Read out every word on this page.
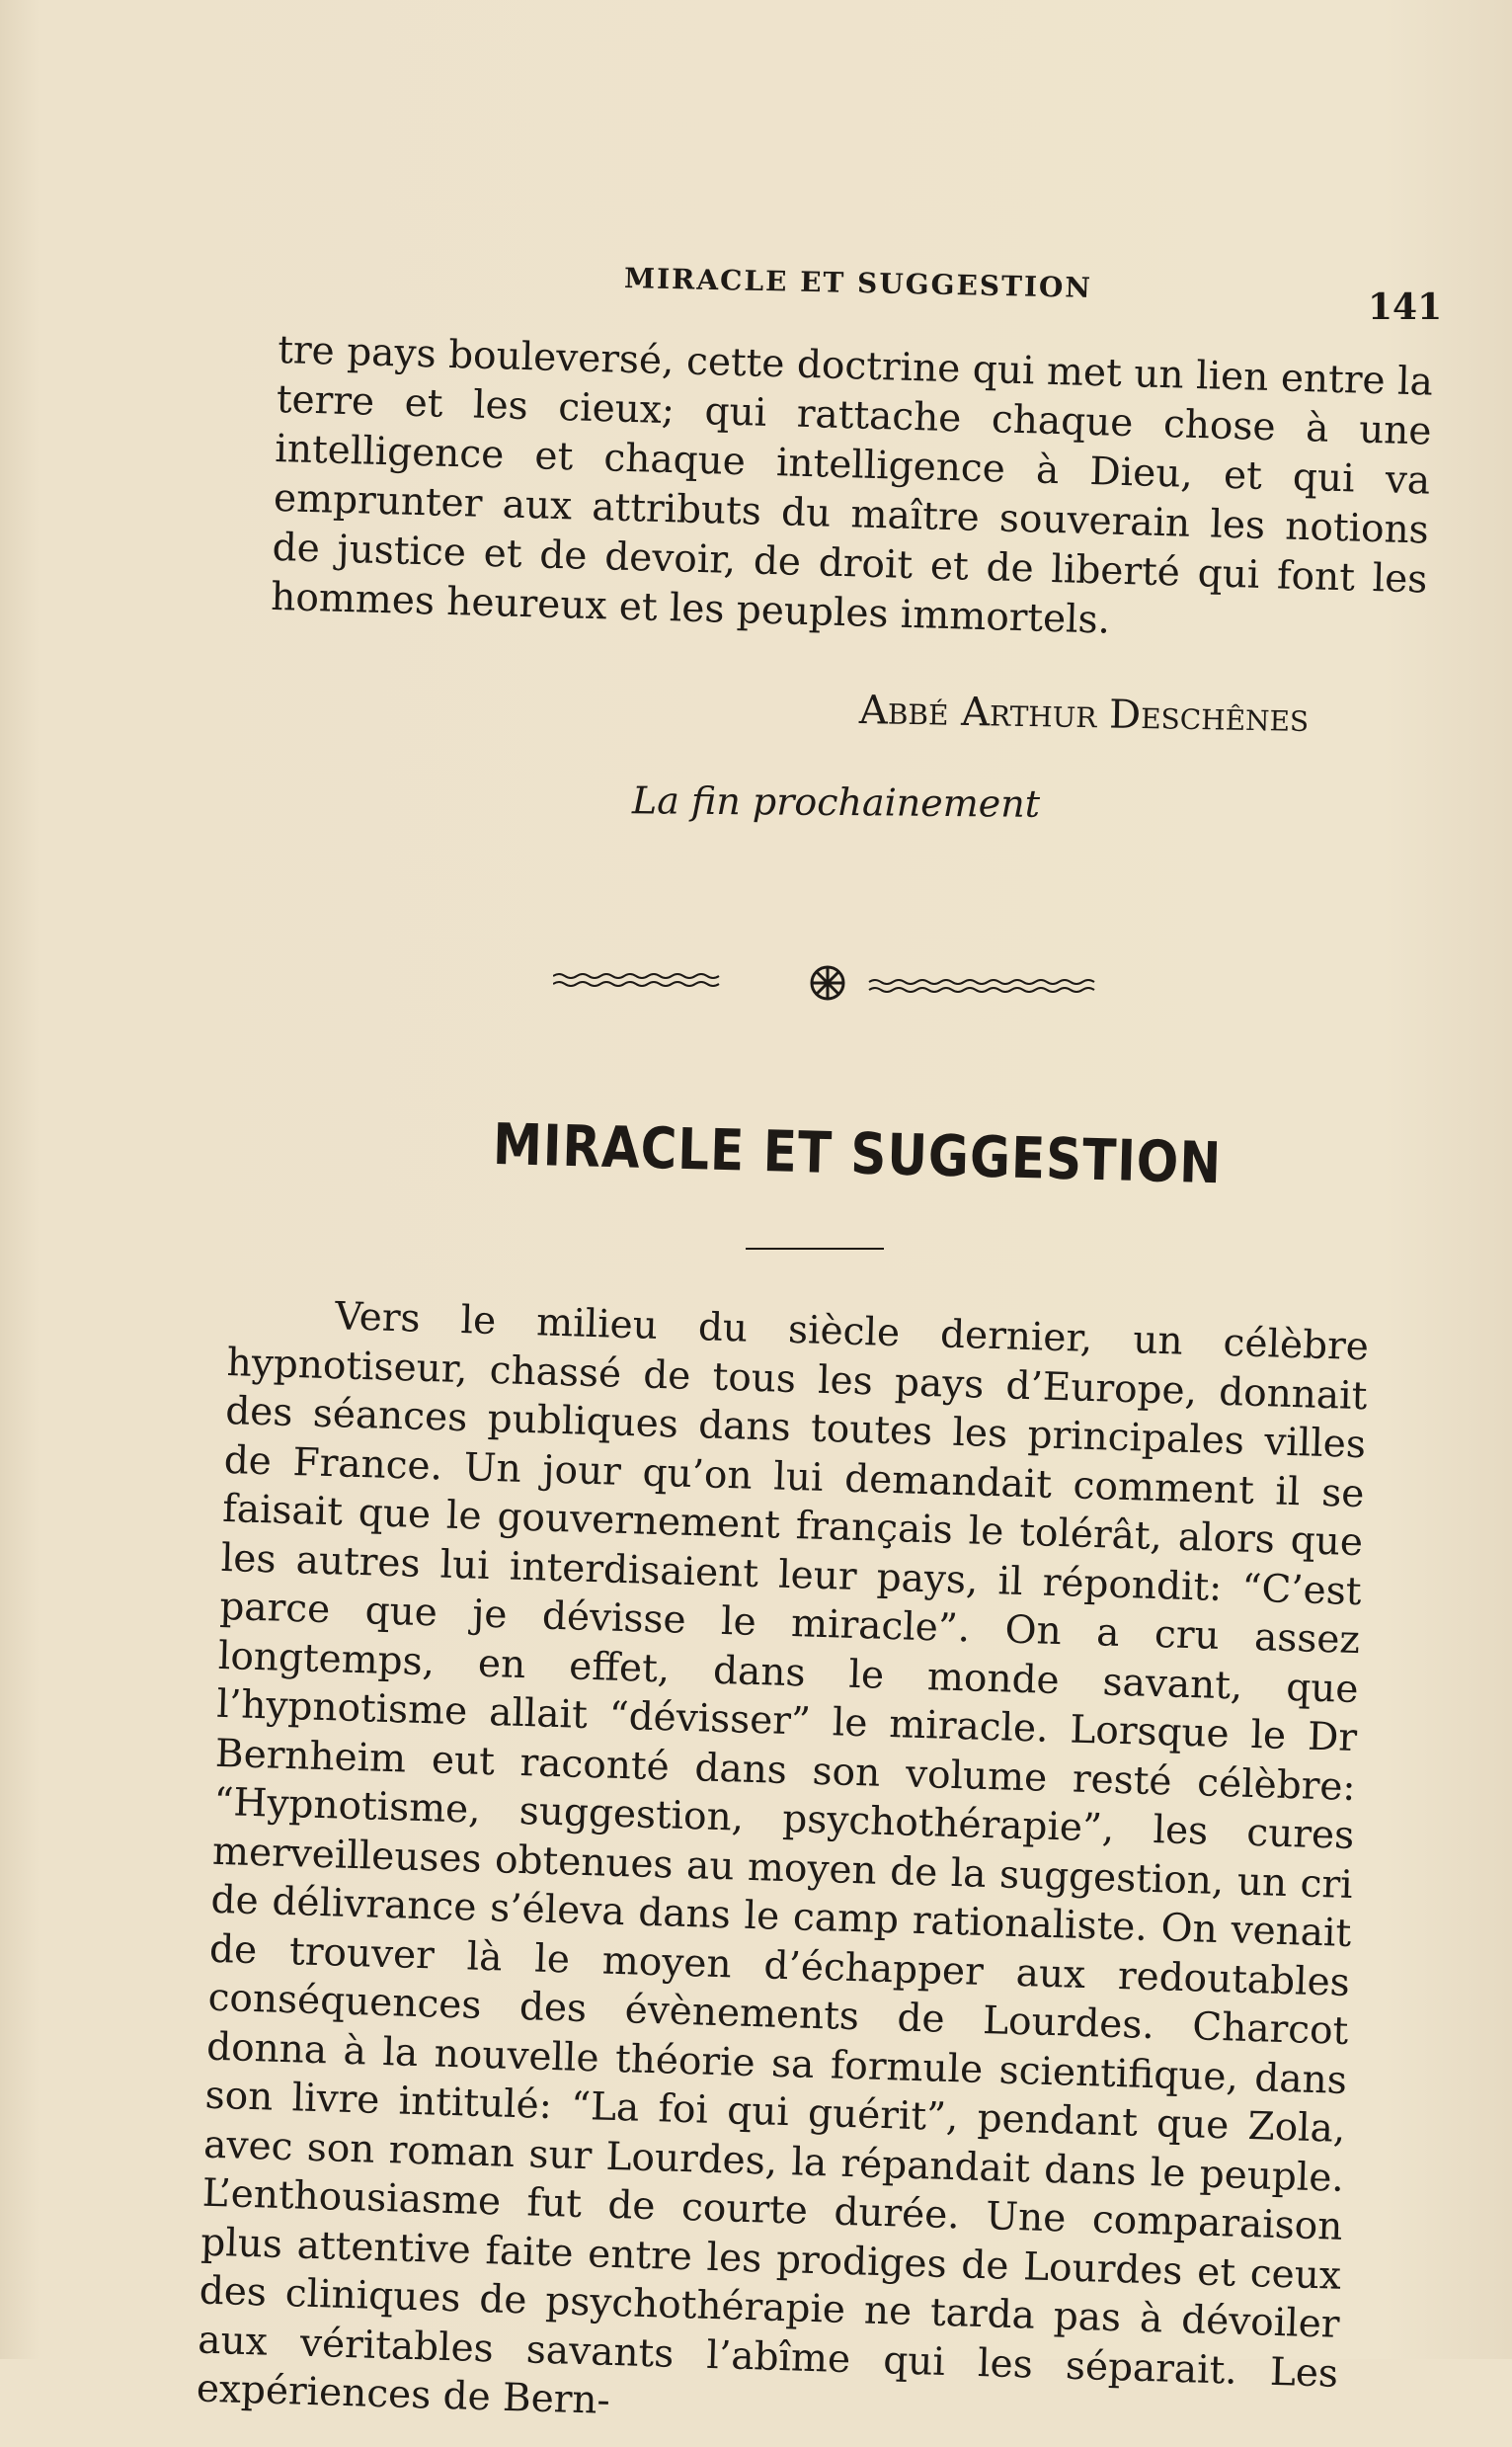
MIRACLE ET SUGGESTION
141

tre pays bouleversé, cette doctrine qui met un lien entre la terre et les cieux; qui rattache chaque chose à une intelligence et chaque intelligence à Dieu, et qui va emprunter aux attributs du maître souverain les notions de justice et de devoir, de droit et de liberté qui font les hommes heureux et les peuples immortels.

Abbé Arthur Deschênes
La fin prochainement
MIRACLE ET SUGGESTION

Vers le milieu du siècle dernier, un célèbre hypnotiseur, chassé de tous les pays d’Europe, donnait des séances publiques dans toutes les principales villes de France. Un jour qu’on lui demandait comment il se faisait que le gouvernement français le tolérât, alors que les autres lui interdisaient leur pays, il répondit: “C’est parce que je dévisse le miracle”. On a cru assez longtemps, en effet, dans le monde savant, que l’hypnotisme allait “dévisser” le miracle. Lorsque le Dr Bernheim eut raconté dans son volume resté célèbre: “Hypnotisme, suggestion, psychothérapie”, les cures merveilleuses obtenues au moyen de la suggestion, un cri de délivrance s’éleva dans le camp rationaliste. On venait de trouver là le moyen d’échapper aux redoutables conséquences des évènements de Lourdes. Charcot donna à la nouvelle théorie sa formule scientifique, dans son livre intitulé: “La foi qui guérit”, pendant que Zola, avec son roman sur Lourdes, la répandait dans le peuple. L’enthousiasme fut de courte durée. Une comparaison plus attentive faite entre les prodiges de Lourdes et ceux des cliniques de psychothérapie ne tarda pas à dévoiler aux véritables savants l’abîme qui les séparait. Les expériences de Bern-
